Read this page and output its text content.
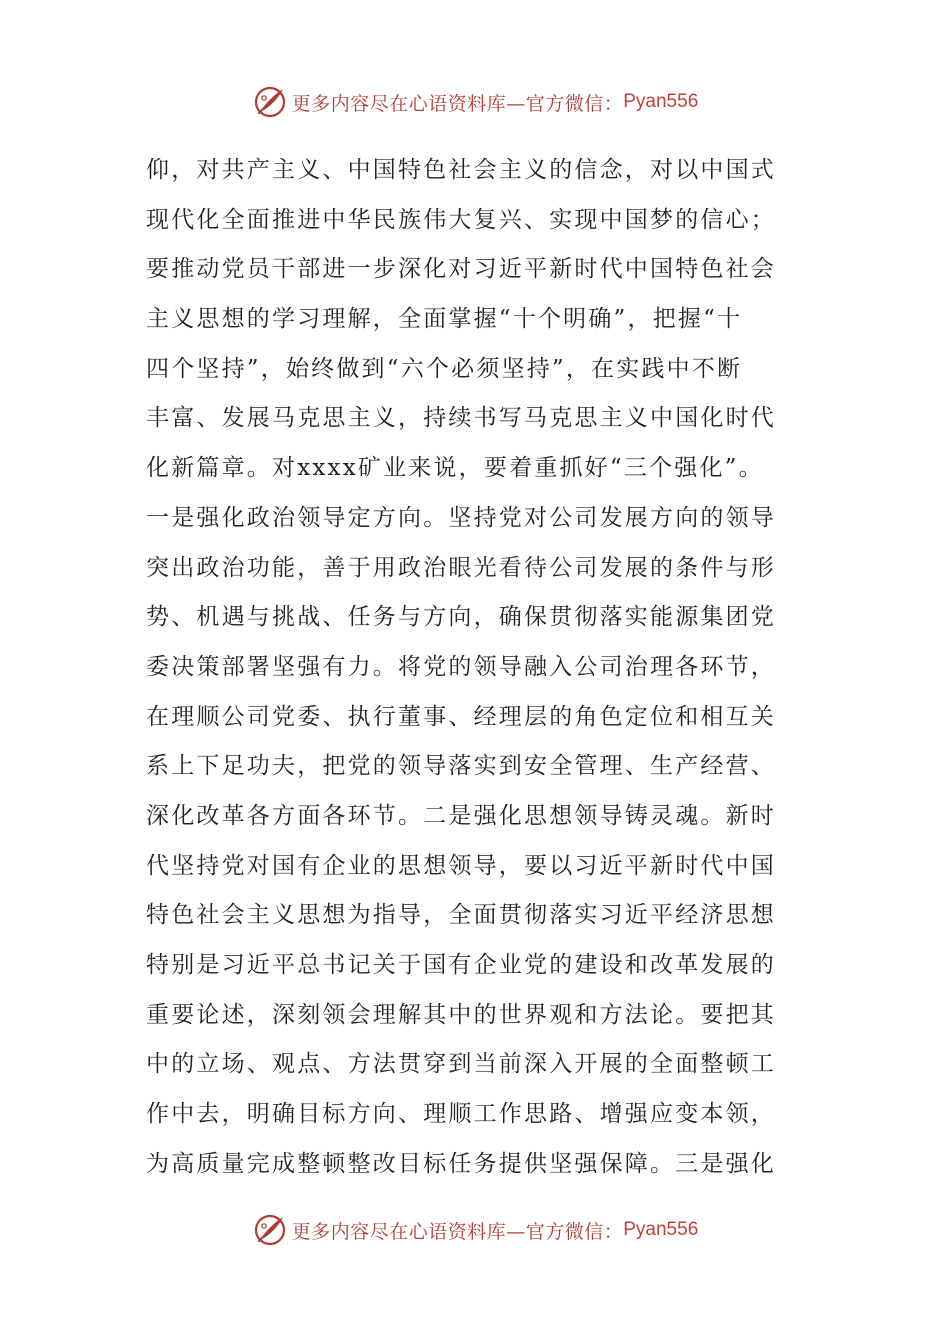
更多内容尽在心语资料库—官方微信： Pyan556
仰，对共产主义、中国特色社会主义的信念，对以中国式
现代化全面推进中华民族伟大复兴、实现中国梦的信心；
要推动党员干部进一步深化对习近平新时代中国特色社会
主义思想的学习理解，全面掌握“十个明确”，把握“十
四个坚持”，始终做到“六个必须坚持”，在实践中不断
丰富、发展马克思主义，持续书写马克思主义中国化时代
化新篇章。对xxxx矿业来说，要着重抓好“三个强化”。
一是强化政治领导定方向。坚持党对公司发展方向的领导
突出政治功能，善于用政治眼光看待公司发展的条件与形
势、机遇与挑战、任务与方向，确保贯彻落实能源集团党
委决策部署坚强有力。将党的领导融入公司治理各环节，
在理顺公司党委、执行董事、经理层的角色定位和相互关
系上下足功夫，把党的领导落实到安全管理、生产经营、
深化改革各方面各环节。二是强化思想领导铸灵魂。新时
代坚持党对国有企业的思想领导，要以习近平新时代中国
特色社会主义思想为指导，全面贯彻落实习近平经济思想
特别是习近平总书记关于国有企业党的建设和改革发展的
重要论述，深刻领会理解其中的世界观和方法论。要把其
中的立场、观点、方法贯穿到当前深入开展的全面整顿工
作中去，明确目标方向、理顺工作思路、增强应变本领，
为高质量完成整顿整改目标任务提供坚强保障。三是强化
更多内容尽在心语资料库—官方微信： Pyan556
